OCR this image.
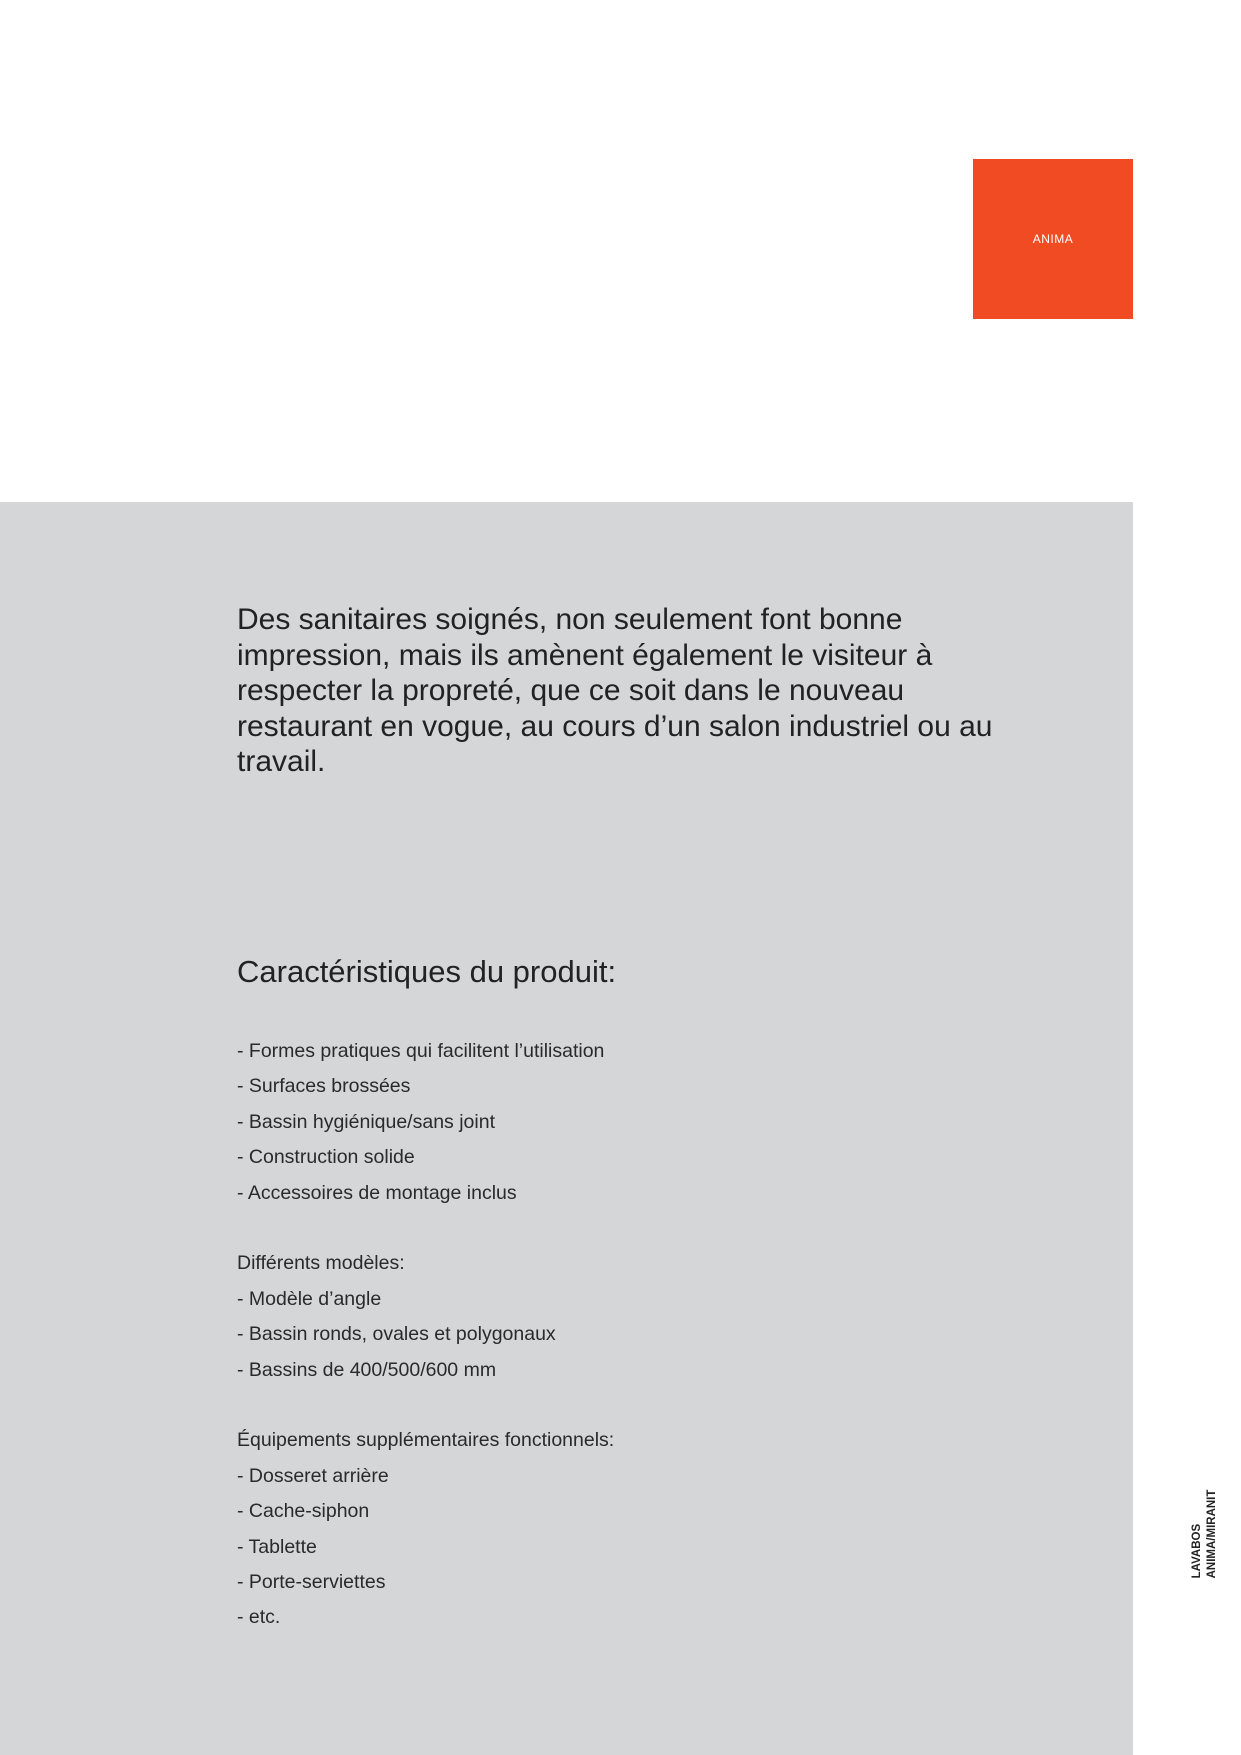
ANIMA

Des sanitaires soignés, non seulement font bonne impression, mais ils amènent également le visiteur à respecter la propreté, que ce soit dans le nouveau restaurant en vogue, au cours d’un salon industriel ou au travail.

Caractéristiques du produit:
- Formes pratiques qui facilitent l’utilisation
- Surfaces brossées
- Bassin hygiénique/sans joint
- Construction solide
- Accessoires de montage inclus
Différents modèles:
- Modèle d’angle
- Bassin ronds, ovales et polygonaux
- Bassins de 400/500/600 mm
Équipements supplémentaires fonctionnels:
- Dosseret arrière
- Cache-siphon
- Tablette
- Porte-serviettes
- etc.
LAVABOS ANIMA/MIRANIT
